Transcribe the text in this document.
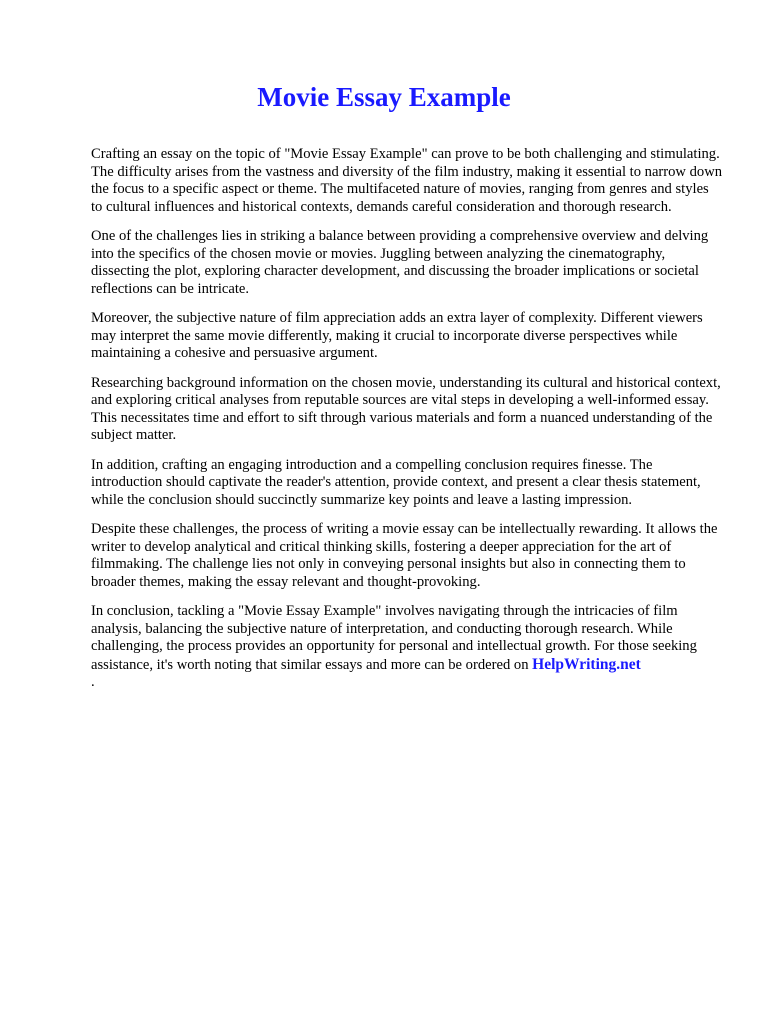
Movie Essay Example

Crafting an essay on the topic of "Movie Essay Example" can prove to be both challenging and stimulating. The difficulty arises from the vastness and diversity of the film industry, making it essential to narrow down the focus to a specific aspect or theme. The multifaceted nature of movies, ranging from genres and styles to cultural influences and historical contexts, demands careful consideration and thorough research.

One of the challenges lies in striking a balance between providing a comprehensive overview and delving into the specifics of the chosen movie or movies. Juggling between analyzing the cinematography, dissecting the plot, exploring character development, and discussing the broader implications or societal reflections can be intricate.

Moreover, the subjective nature of film appreciation adds an extra layer of complexity. Different viewers may interpret the same movie differently, making it crucial to incorporate diverse perspectives while maintaining a cohesive and persuasive argument.

Researching background information on the chosen movie, understanding its cultural and historical context, and exploring critical analyses from reputable sources are vital steps in developing a well-informed essay. This necessitates time and effort to sift through various materials and form a nuanced understanding of the subject matter.

In addition, crafting an engaging introduction and a compelling conclusion requires finesse. The introduction should captivate the reader's attention, provide context, and present a clear thesis statement, while the conclusion should succinctly summarize key points and leave a lasting impression.

Despite these challenges, the process of writing a movie essay can be intellectually rewarding. It allows the writer to develop analytical and critical thinking skills, fostering a deeper appreciation for the art of filmmaking. The challenge lies not only in conveying personal insights but also in connecting them to broader themes, making the essay relevant and thought-provoking.

In conclusion, tackling a "Movie Essay Example" involves navigating through the intricacies of film analysis, balancing the subjective nature of interpretation, and conducting thorough research. While challenging, the process provides an opportunity for personal and intellectual growth. For those seeking assistance, it's worth noting that similar essays and more can be ordered on HelpWriting.net
.
